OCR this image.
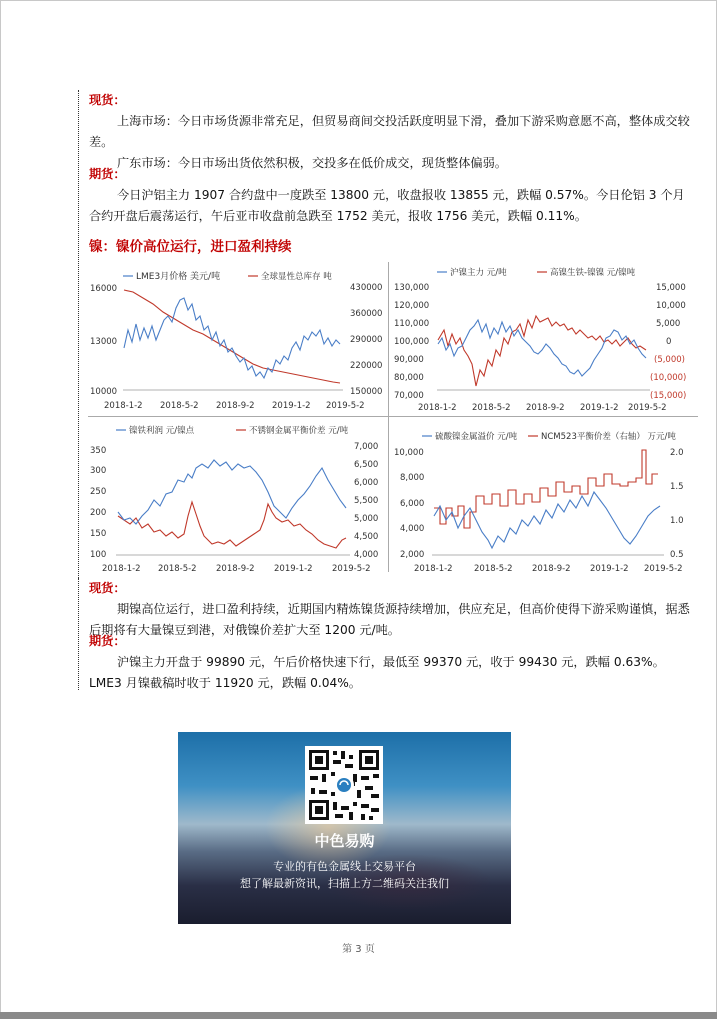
现货：
上海市场：今日市场货源非常充足，但贸易商间交投活跃度明显下滑，叠加下游采购意愿不高，整体成交较差。
广东市场：今日市场出货依然积极，交投多在低价成交，现货整体偏弱。
期货：
今日沪铝主力 1907 合约盘中一度跌至 13800 元，收盘报收 13855 元，跌幅 0.57%。今日伦铝 3 个月合约开盘后震荡运行，午后亚市收盘前急跌至 1752 美元，报收 1756 美元，跌幅 0.11%。
镍：镍价高位运行，进口盈利持续
LME3月价格 美元/吨	全球显性总库存 吨
16000
13000
10000
430000
360000
290000
220000
150000
2018-1-2 2018-5-2 2018-9-2 2019-1-2 2019-5-2
沪镍主力 元/吨	高镍生铁-镍镍 元/镍吨
130,000
120,000
110,000
100,000
90,000
80,000
70,000
15,000
10,000
5,000
0
(5,000)
(10,000)
(15,000)
2018-1-2 2018-5-2 2018-9-2 2019-1-2 2019-5-2
镍铁利润 元/镍点	不锈钢金属平衡价差 元/吨
350
300
250
200
150
100
7,000
6,500
6,000
5,500
5,000
4,500
4,000
2018-1-2 2018-5-2 2018-9-2 2019-1-2 2019-5-2
硫酸镍金属溢价 元/吨	NCM523平衡价差（右轴） 万元/吨
10,000
8,000
6,000
4,000
2,000
2.0
1.5
1.0
0.5
2018-1-2	2018-5-2 2018-9-2 2019-1-2 2019-5-2
现货：
期镍高位运行，进口盈利持续，近期国内精炼镍货源持续增加，供应充足，但高价使得下游采购谨慎，据悉后期将有大量镍豆到港，对俄镍价差扩大至 1200 元/吨。
期货：
沪镍主力开盘于 99890 元，午后价格快速下行，最低至 99370 元，收于 99430 元，跌幅 0.63%。LME3 月镍截稿时收于 11920 元，跌幅 0.04%。
中色易购
专业的有色金属线上交易平台
想了解最新资讯，扫描上方二维码关注我们
第 3 页
